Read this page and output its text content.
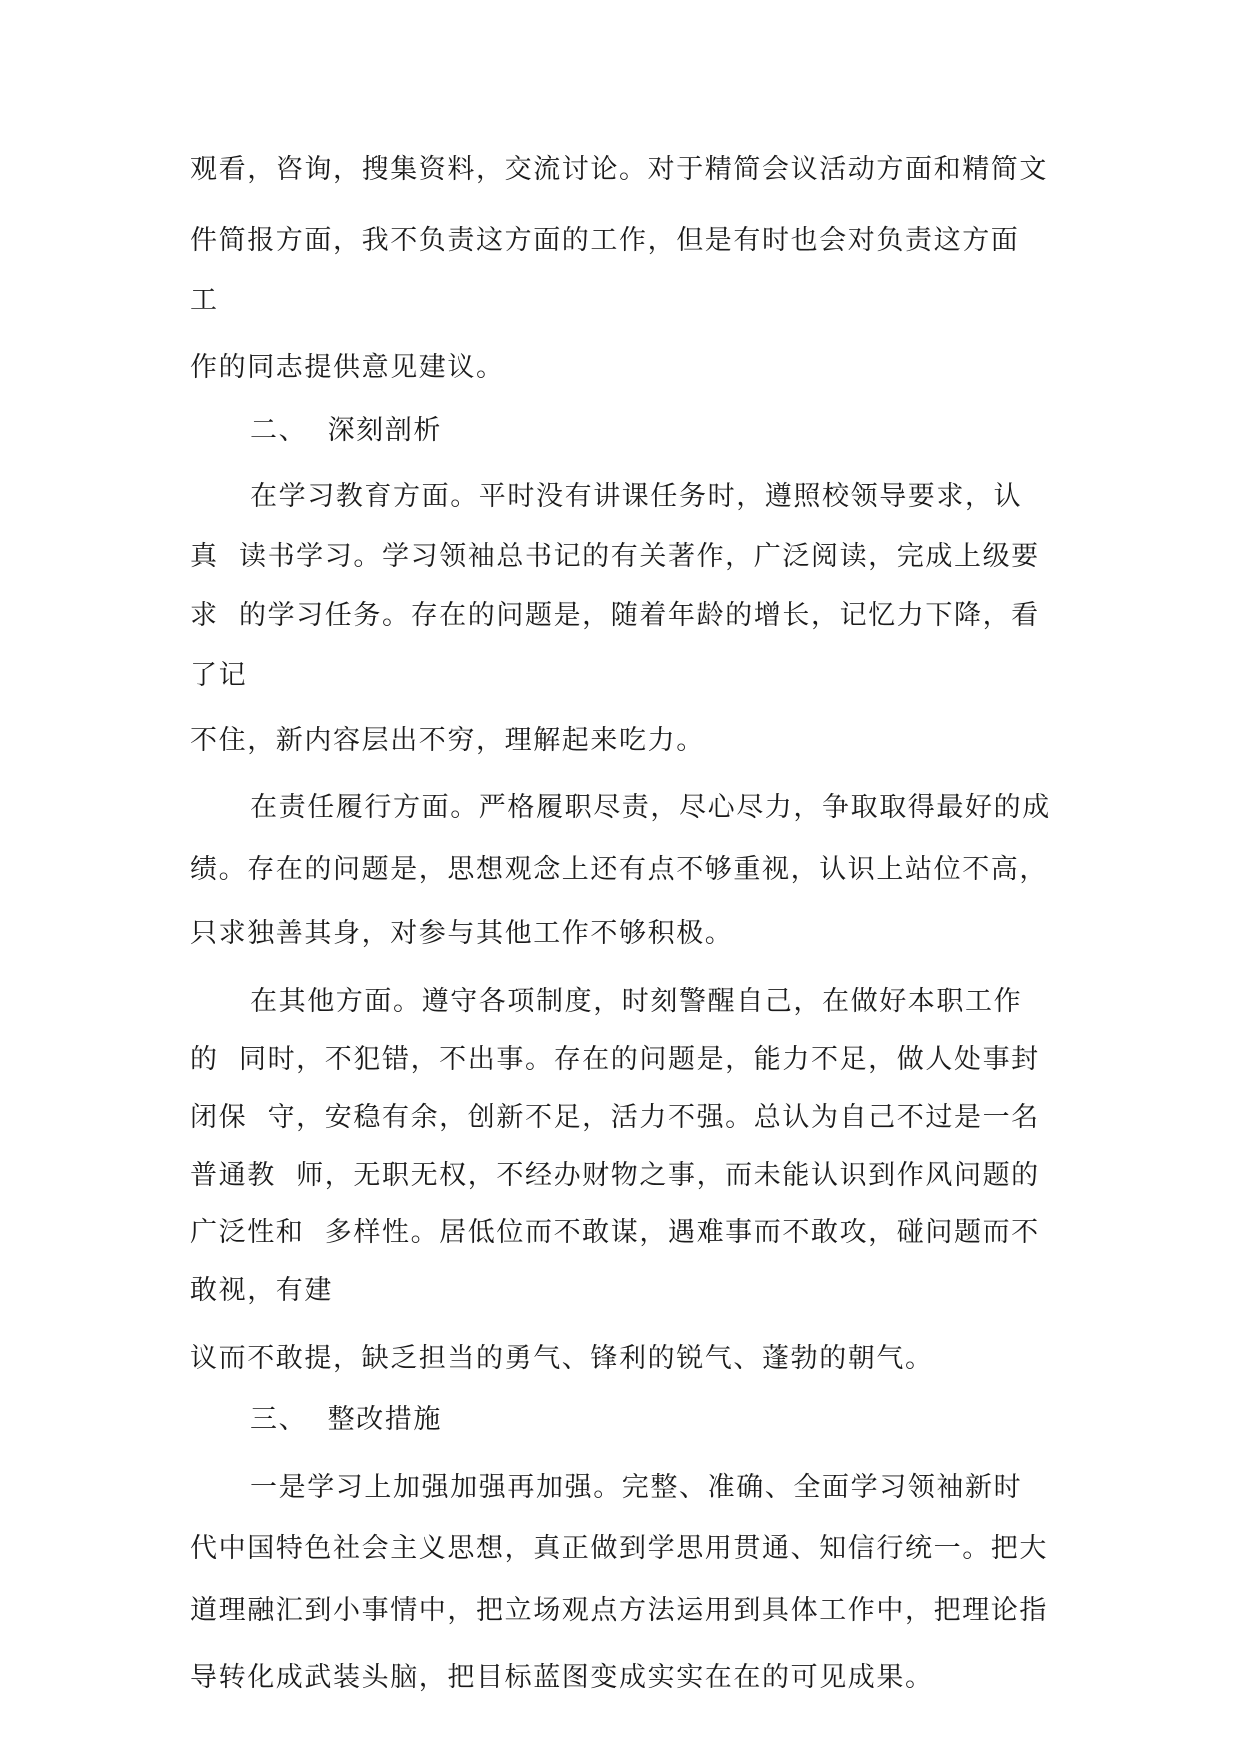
观看，咨询，搜集资料，交流讨论。对于精简会议活动方面和精简文
件简报方面，我不负责这方面的工作，但是有时也会对负责这方面
工
作的同志提供意见建议。
二、  深刻剖析
在学习教育方面。平时没有讲课任务时，遵照校领导要求，认
真  读书学习。学习领袖总书记的有关著作，广泛阅读，完成上级要
求  的学习任务。存在的问题是，随着年龄的增长，记忆力下降，看
了记
不住，新内容层出不穷，理解起来吃力。
在责任履行方面。严格履职尽责，尽心尽力，争取取得最好的成
绩。存在的问题是，思想观念上还有点不够重视，认识上站位不高，
只求独善其身，对参与其他工作不够积极。
在其他方面。遵守各项制度，时刻警醒自己，在做好本职工作
的  同时，不犯错，不出事。存在的问题是，能力不足，做人处事封
闭保  守，安稳有余，创新不足，活力不强。总认为自己不过是一名
普通教  师，无职无权，不经办财物之事，而未能认识到作风问题的
广泛性和  多样性。居低位而不敢谋，遇难事而不敢攻，碰问题而不
敢视，有建
议而不敢提，缺乏担当的勇气、锋利的锐气、蓬勃的朝气。
三、  整改措施
一是学习上加强加强再加强。完整、准确、全面学习领袖新时
代中国特色社会主义思想，真正做到学思用贯通、知信行统一。把大
道理融汇到小事情中，把立场观点方法运用到具体工作中，把理论指
导转化成武装头脑，把目标蓝图变成实实在在的可见成果。
